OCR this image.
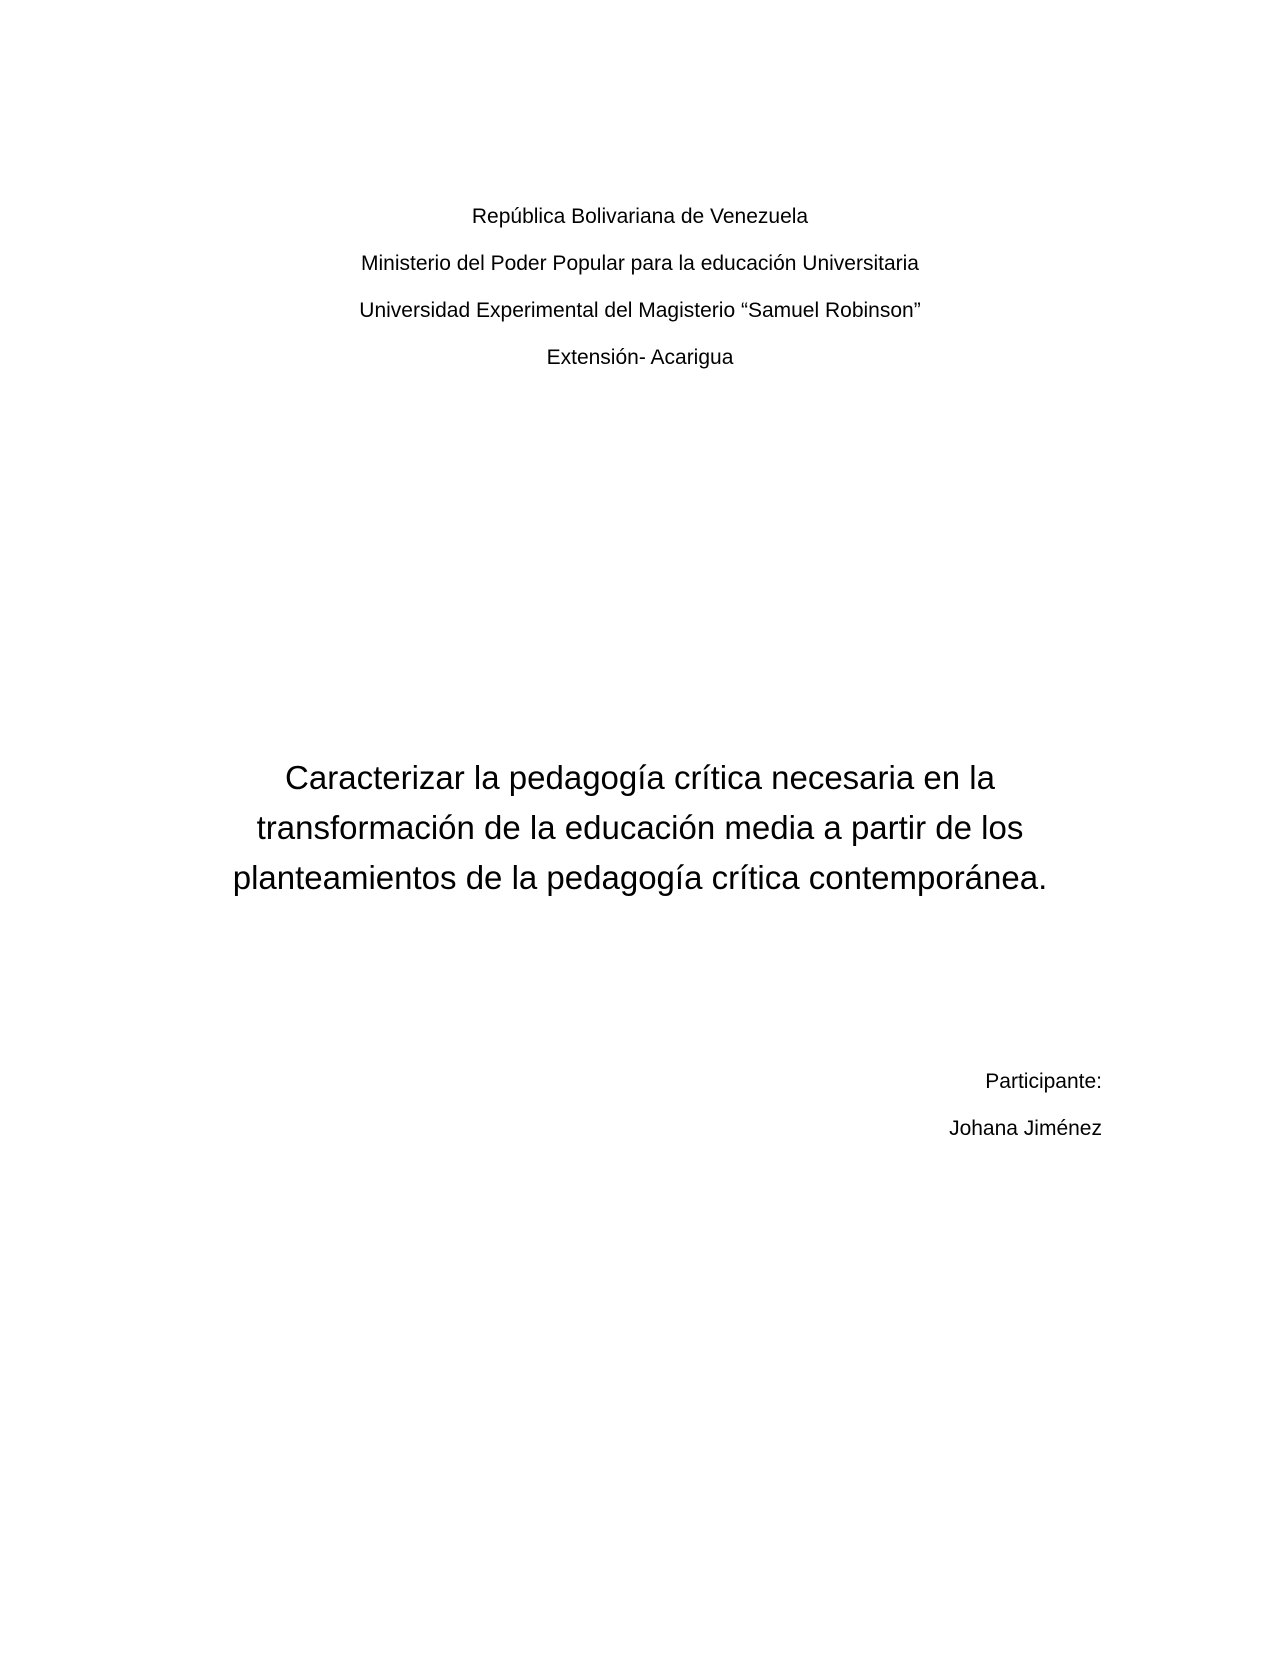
República Bolivariana de Venezuela

Ministerio del Poder Popular para la educación Universitaria

Universidad Experimental del Magisterio “Samuel Robinson”

Extensión- Acarigua

Caracterizar la pedagogía crítica necesaria en la

transformación de la educación media a partir de los

planteamientos de la pedagogía crítica contemporánea.

Participante:

Johana Jiménez
